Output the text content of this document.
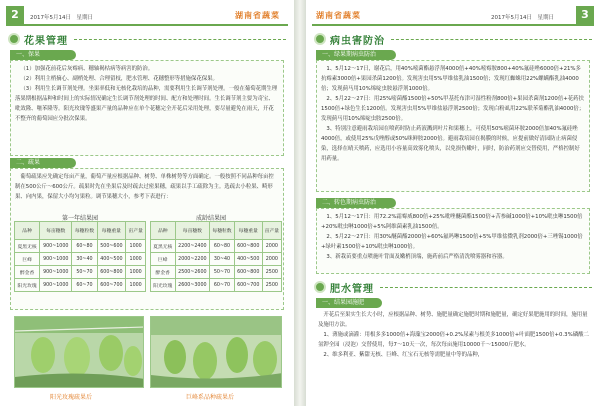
2	2017年5月14日　星期日	湖南省蔬菜
花果管理
一、保果

（1）加强花前花后灰霉病、穗轴褐枯病等病害的防治。

（2）利用主梢摘心、副梢处理、合理留枝，肥水管理、花穗整形等措施保花保果。

（3）利用生长调节剂处理。坐果率低和无核化栽培的品种，需要利用生长调节剂处理。一般在葡萄花期生理落果期根据品种和时间上的实际情况确定生长调节剂处理的时间、配方和处理时间。生长调节剂主要为奇宝、吡效隆、噻苯隆等。阳光玫瑰等盛果产量的品种应在单个花穗完全开花后采用处理，要尽量避免在雨天，开花不整齐的葡萄园应分批次保果。

二、疏果

葡萄疏果应先确定每亩产量，葡萄产量应根据品种、树势、单株树势等方面确定。一般按照不同品种每亩控制在500公斤～600公斤。疏果时先在坐果后及时疏去过密果穗，疏果以手工疏除为主。选疏去小粒果、畸形果、向内果，保留大小均匀果粒。调节果穗大小，参考下表进行：

第一年结果园
品种	每亩穗数	每穗粒数	每穗重量	亩产量
夏黑无核	900~1000	60~80	500~600	1000
巨峰	900~1000	30~40	400~500	1000
醉金香	900~1000	50~70	600~800	1000
阳光玫瑰	900~1000	60~70	600~700	1000
成龄结果园
品种	每亩穗数	每穗粒数	每穗重量	亩产量
夏黑无核	2200~2400	60~80	600~800	2000
巨峰	2000~2200	30~40	400~500	2000
醉金香	2500~2600	50~70	600~800	2500
阳光玫瑰	2600~3000	60~70	600~700	2500
阳光玫瑰疏果后	巨峰系品种疏果后
湖南省蔬菜	2017年5月14日　星期日	3
病虫害防治
一、绿果期病虫防治

1、5月12～17日，谢花后，用40%嘧菌酯悬浮剂4000倍+40%嘧霉胺800+40%氟硅唑6000倍+21%多抗霉素3000倍+果园杀菌1200倍。发现害虫用5%甲维盐乳油1500倍；发现红蜘蛛用22%螺螨酯乳油4000倍；发现蓟马用10%烯啶虫胺悬浮剂1000倍。

2、5月22～27日：用25%嘧菌酯1500倍+50%甲基托布津可湿性粉剂800倍+果园杀菌剂1200倍+花药扶1500倍+绿色生长1200倍。发现害虫用5%甲维盐悬浮剂2500倍；发现白粉虱用22%联苯菊酯乳油4000倍；发现蓟马用10%烯啶虫胺2500倍。

3、特别注意避雨栽培园在喷药时防止药液溅到叶片和果穗上，可使用50%嘧菌环胺2000倍加40%氟硅唑4000倍，或使用25%戊唑醇或50%咪鲜胺2000倍。避雨栽培园在揭膜的时候，应提前做好清园防止病菌侵染，选择在晴天喷药，应选用小容量高效雾化喷头，以免损伤嫩叶，同时，防治药剂应交替使用，严格控制好用药量。

二、转色期病虫防治

1、5月12～17日：用72.2%霜霉威800倍+25%吡唑醚菌酯1500倍+苦参碱1000倍+10%吡虫啉1500倍+20%吡虫啉1000倍+5%阿维菌素乳油1500倍。

2、5月22～27日：用30%醚菌酯2000倍+60%氟吗啉1500倍+5%甲维盐微乳剂2000倍+三唑锡1000倍+绿叶素1500倍+10%吡虫啉1000倍。

3、新栽苗要重点喷施叶背面及嫩梢顶端，施药前后严格清洗喷雾器和容器。

肥水管理
一、结果园施肥

开花后至果实生长大小时，应根据品种、树势、施肥量确定施肥时期和施肥量，确定好果肥施用的时间，施用量及施用方法。

1、薄施或滴灌：用根多多1000倍+海藻宝2000倍+0.2%尿素与根美多1000倍+叶面肥1500倍+0.3%磷酸二氢钾全园（浸泡）交替使用，每7～10天一次，每次每亩施用10000千～15000斤肥水。

2、维多利亚、紫甜无核、巨峰、红宝石无核等需肥量中等的品种，
